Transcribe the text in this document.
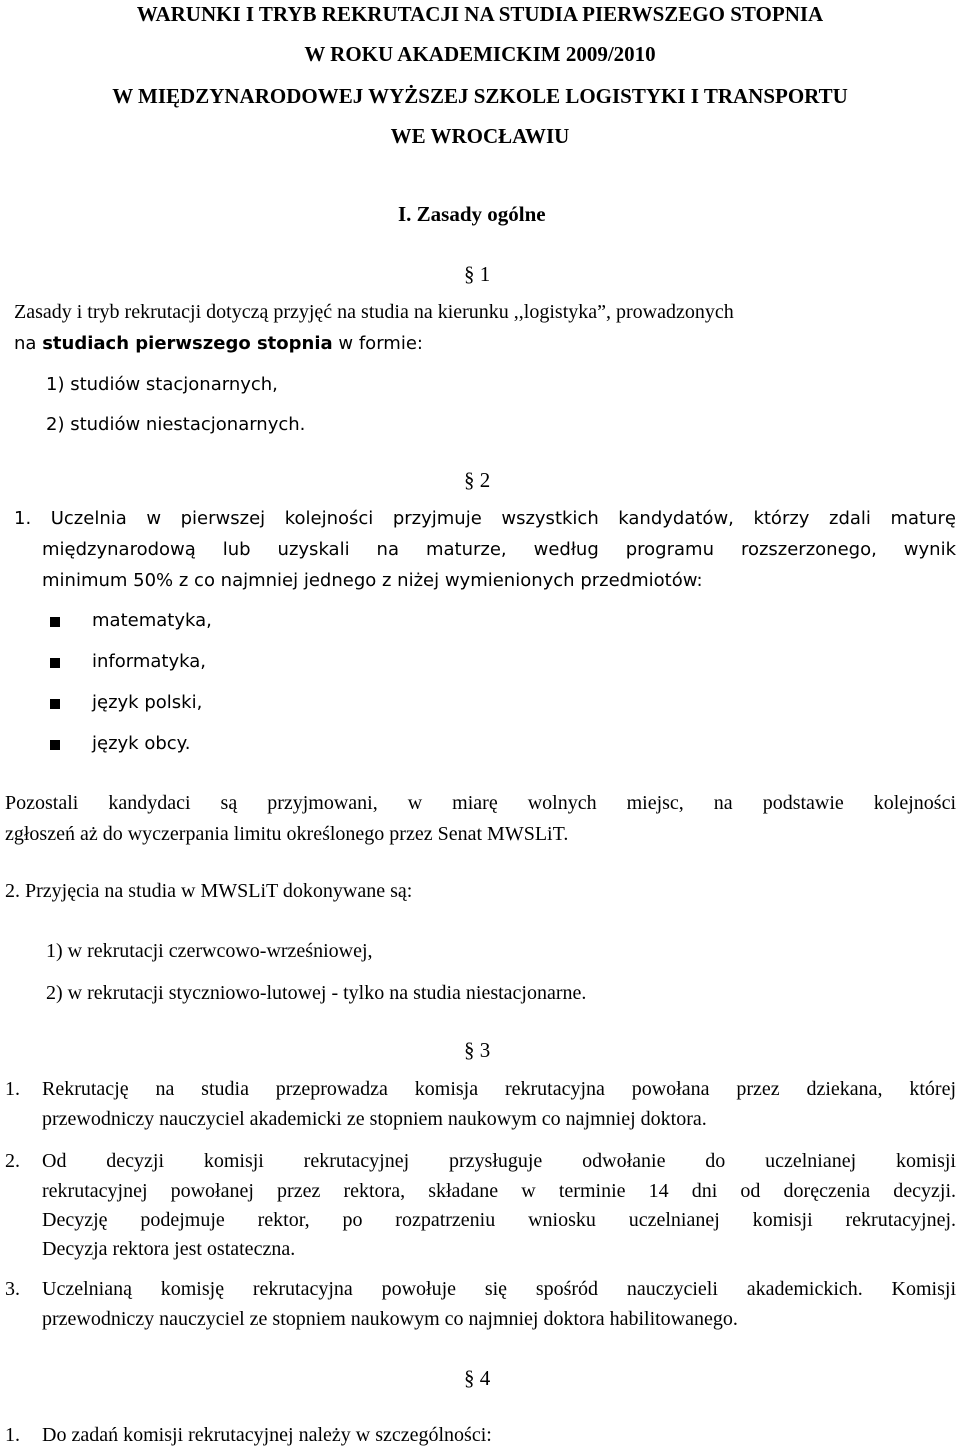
WARUNKI I TRYB REKRUTACJI NA STUDIA PIERWSZEGO STOPNIA
W ROKU AKADEMICKIM 2009/2010
W MIĘDZYNARODOWEJ WYŻSZEJ SZKOLE LOGISTYKI I TRANSPORTU
WE WROCŁAWIU
I. Zasady ogólne
§ 1
Zasady i tryb rekrutacji dotyczą przyjęć na studia na kierunku ,,logistyka”, prowadzonych
na studiach pierwszego stopnia w formie:
1) studiów stacjonarnych,
2) studiów niestacjonarnych.
§ 2
1. Uczelnia w pierwszej kolejności przyjmuje wszystkich kandydatów, którzy zdali maturę
międzynarodową lub uzyskali na maturze, według programu rozszerzonego, wynik
minimum 50% z co najmniej jednego z niżej wymienionych przedmiotów:
matematyka,
informatyka,
język polski,
język obcy.
Pozostali kandydaci są przyjmowani, w miarę wolnych miejsc, na podstawie kolejności
zgłoszeń aż do wyczerpania limitu określonego przez Senat MWSLiT.
2. Przyjęcia na studia w MWSLiT dokonywane są:
1) w rekrutacji czerwcowo-wrześniowej,
2) w rekrutacji styczniowo-lutowej - tylko na studia niestacjonarne.
§ 3
1. Rekrutację na studia przeprowadza komisja rekrutacyjna powołana przez dziekana, której
przewodniczy nauczyciel akademicki ze stopniem naukowym co najmniej doktora.
2. Od decyzji komisji rekrutacyjnej przysługuje odwołanie do uczelnianej komisji
rekrutacyjnej powołanej przez rektora, składane w terminie 14 dni od doręczenia decyzji.
Decyzję podejmuje rektor, po rozpatrzeniu wniosku uczelnianej komisji rekrutacyjnej.
Decyzja rektora jest ostateczna.
3. Uczelnianą komisję rekrutacyjna powołuje się spośród nauczycieli akademickich. Komisji
przewodniczy nauczyciel ze stopniem naukowym co najmniej doktora habilitowanego.
§ 4
1. Do zadań komisji rekrutacyjnej należy w szczególności:
